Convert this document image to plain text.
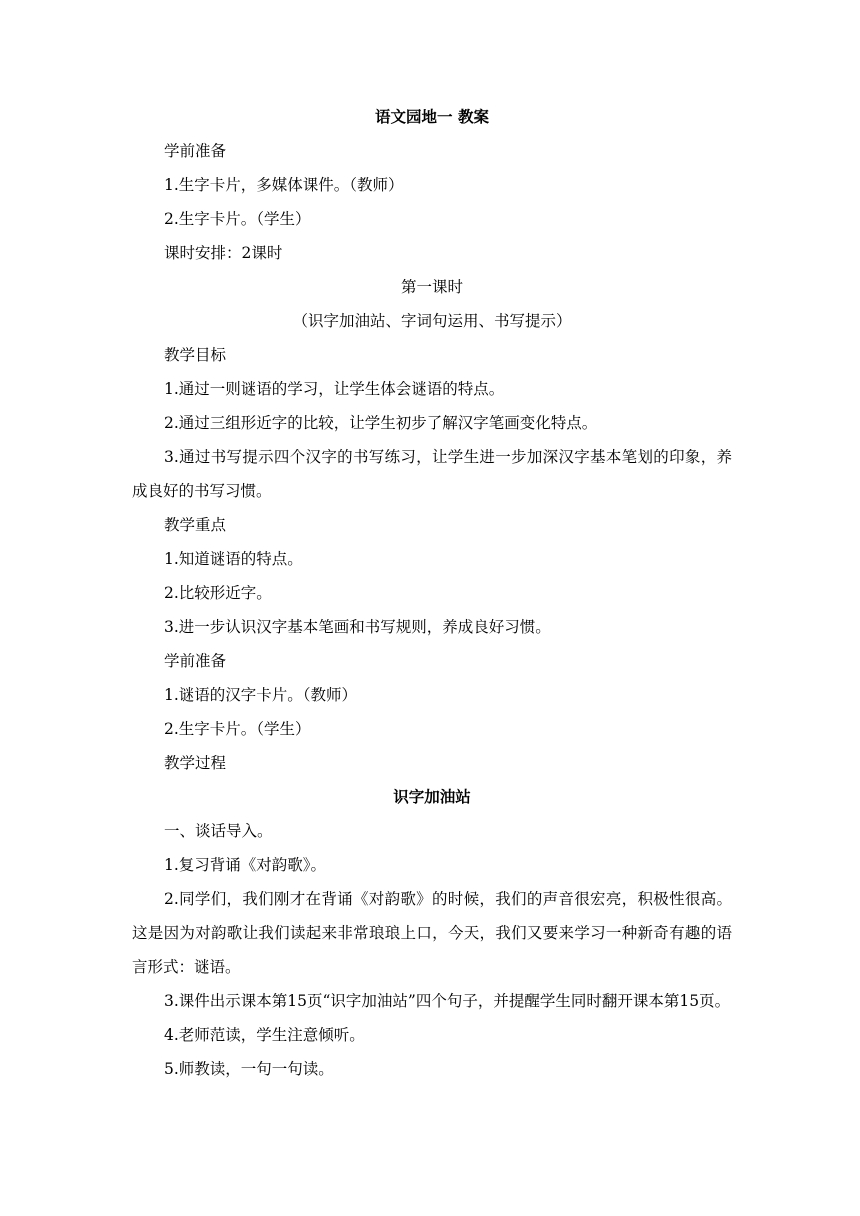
语文园地一 教案
学前准备
1.生字卡片，多媒体课件。（教师）
2.生字卡片。（学生）
课时安排：2课时
第一课时
（识字加油站、字词句运用、书写提示）
教学目标
1.通过一则谜语的学习，让学生体会谜语的特点。
2.通过三组形近字的比较，让学生初步了解汉字笔画变化特点。
3.通过书写提示四个汉字的书写练习，让学生进一步加深汉字基本笔划的印象，养成良好的书写习惯。
教学重点
1.知道谜语的特点。
2.比较形近字。
3.进一步认识汉字基本笔画和书写规则，养成良好习惯。
学前准备
1.谜语的汉字卡片。（教师）
2.生字卡片。（学生）
教学过程
识字加油站
一、谈话导入。
1.复习背诵《对韵歌》。
2.同学们，我们刚才在背诵《对韵歌》的时候，我们的声音很宏亮，积极性很高。这是因为对韵歌让我们读起来非常琅琅上口，今天，我们又要来学习一种新奇有趣的语言形式：谜语。
3.课件出示课本第15页“识字加油站”四个句子，并提醒学生同时翻开课本第15页。
4.老师范读，学生注意倾听。
5.师教读，一句一句读。
